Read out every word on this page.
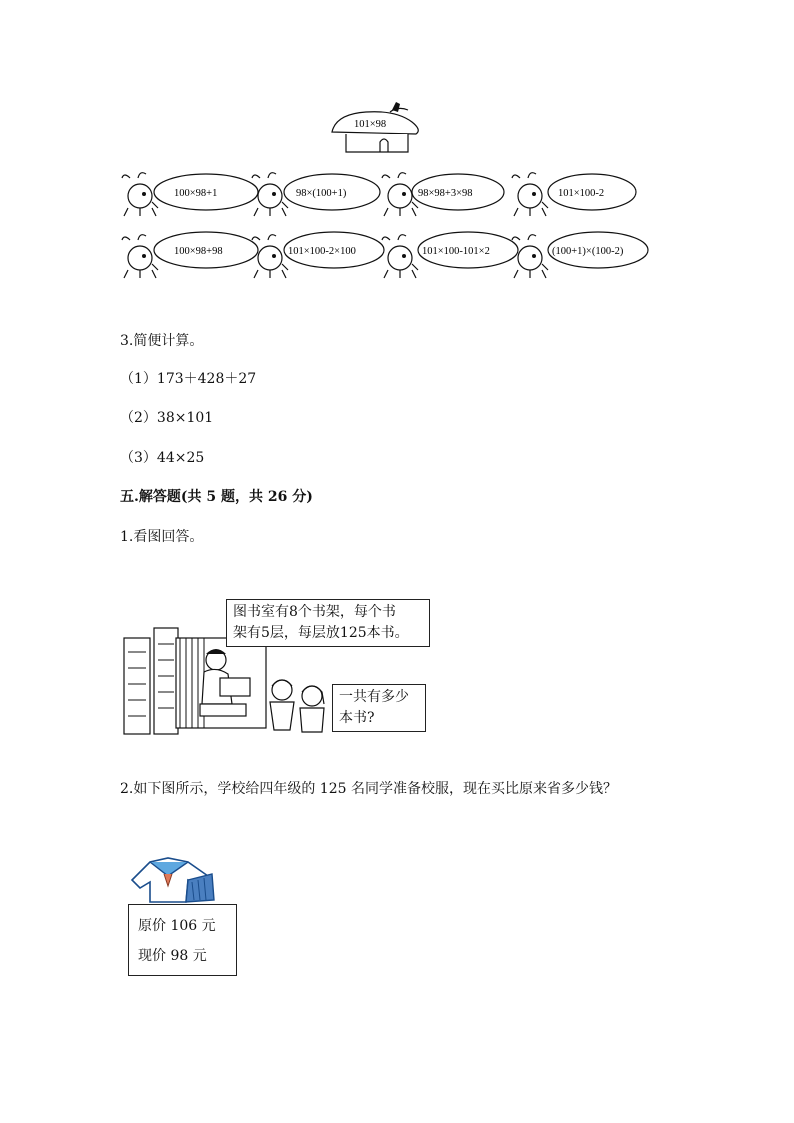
101×98
100×98+1	98×(100+1)	98×98+3×98	101×100-2
100×98+98	101×100-2×100	101×100-101×2	(100+1)×(100-2)
3.简便计算。
（1）173＋428＋27
（2）38×101
（3）44×25
五.解答题(共 5 题，共 26 分)
1.看图回答。
图书室有8个书架，每个书
架有5层，每层放125本书。
一共有多少
本书?
2.如下图所示，学校给四年级的 125 名同学准备校服，现在买比原来省多少钱？
原价 106 元
现价 98 元
